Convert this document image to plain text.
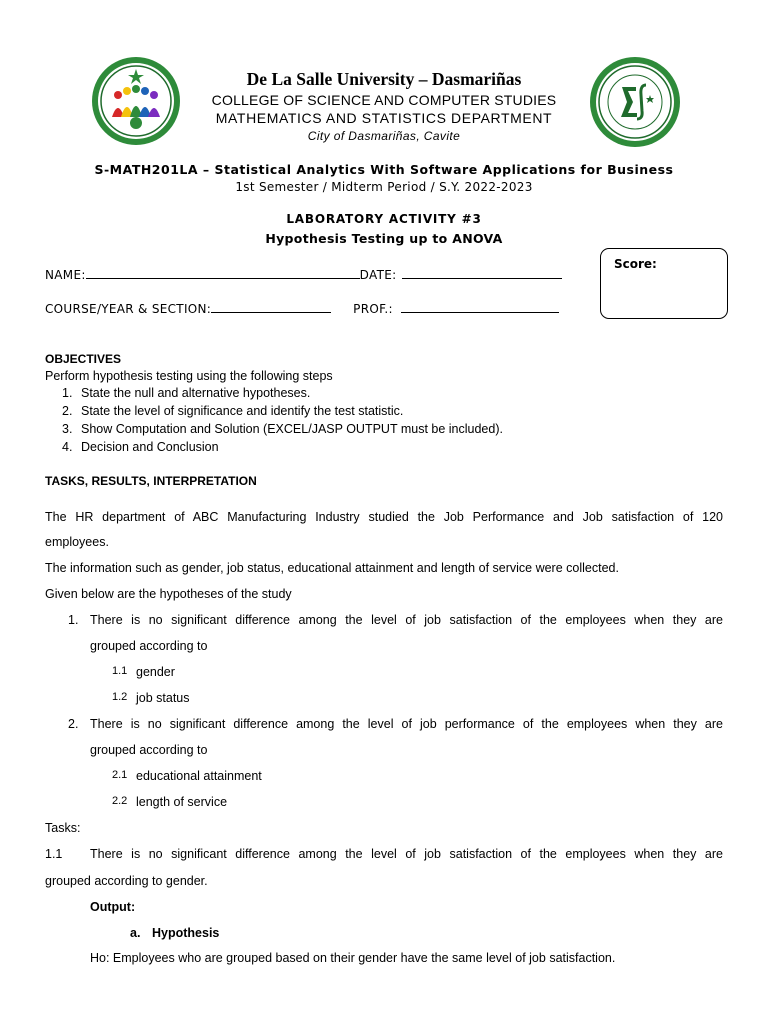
De La Salle University – Dasmariñas
COLLEGE OF SCIENCE AND COMPUTER STUDIES
MATHEMATICS AND STATISTICS DEPARTMENT
City of Dasmariñas, Cavite
S-MATH201LA – Statistical Analytics With Software Applications for Business
1st Semester / Midterm Period / S.Y. 2022-2023
LABORATORY ACTIVITY #3
Hypothesis Testing up to ANOVA
NAME:	DATE:
COURSE/YEAR & SECTION:	PROF.:
Score:
OBJECTIVES
Perform hypothesis testing using the following steps
1. State the null and alternative hypotheses.
2. State the level of significance and identify the test statistic.
3. Show Computation and Solution (EXCEL/JASP OUTPUT must be included).
4. Decision and Conclusion
TASKS, RESULTS, INTERPRETATION
The HR department of ABC Manufacturing Industry studied the Job Performance and Job satisfaction of 120
employees.
The information such as gender, job status, educational attainment and length of service were collected.
Given below are the hypotheses of the study
1. There is no significant difference among the level of job satisfaction of the employees when they are
grouped according to
1.1 gender
1.2 job status
2. There is no significant difference among the level of job performance of the employees when they are
grouped according to
2.1 educational attainment
2.2 length of service
Tasks:
1.1 There is no significant difference among the level of job satisfaction of the employees when they are
grouped according to gender.
Output:
a. Hypothesis
Ho: Employees who are grouped based on their gender have the same level of job satisfaction.
